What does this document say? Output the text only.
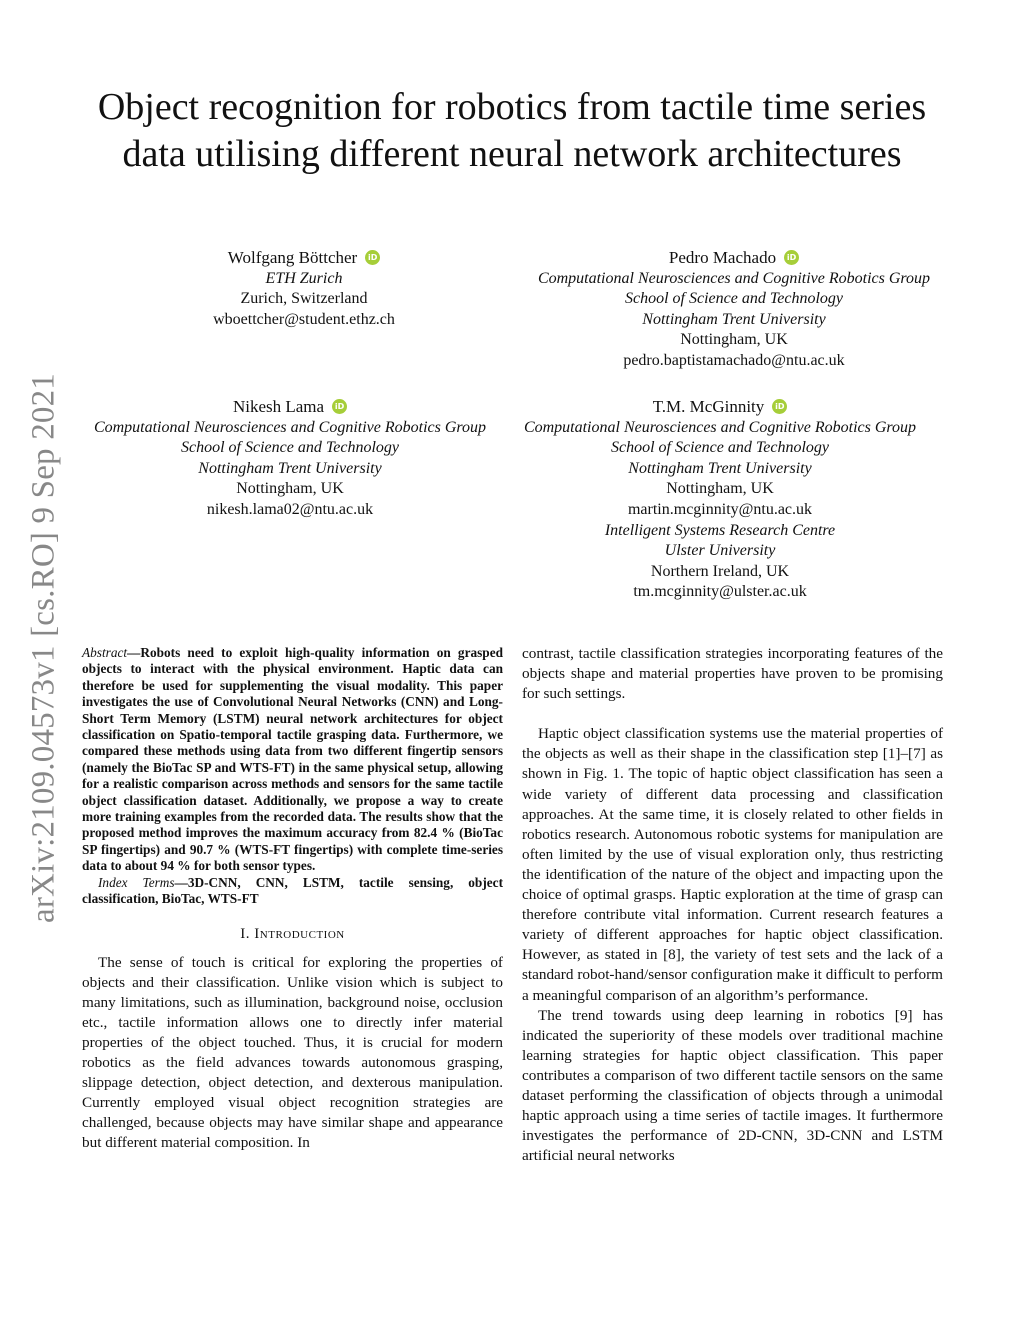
arXiv:2109.04573v1 [cs.RO] 9 Sep 2021
Object recognition for robotics from tactile time series data utilising different neural network architectures
Wolfgang Böttcher iD
ETH Zurich
Zurich, Switzerland
wboettcher@student.ethz.ch
Pedro Machado iD
Computational Neurosciences and Cognitive Robotics Group
School of Science and Technology
Nottingham Trent University
Nottingham, UK
pedro.baptistamachado@ntu.ac.uk
Nikesh Lama iD
Computational Neurosciences and Cognitive Robotics Group
School of Science and Technology
Nottingham Trent University
Nottingham, UK
nikesh.lama02@ntu.ac.uk
T.M. McGinnity iD
Computational Neurosciences and Cognitive Robotics Group
School of Science and Technology
Nottingham Trent University
Nottingham, UK
martin.mcginnity@ntu.ac.uk
Intelligent Systems Research Centre
Ulster University
Northern Ireland, UK
tm.mcginnity@ulster.ac.uk
Abstract—Robots need to exploit high-quality information on grasped objects to interact with the physical environment. Haptic data can therefore be used for supplementing the visual modality. This paper investigates the use of Convolutional Neural Networks (CNN) and Long-Short Term Memory (LSTM) neural network architectures for object classification on Spatio-temporal tactile grasping data. Furthermore, we compared these methods using data from two different fingertip sensors (namely the BioTac SP and WTS-FT) in the same physical setup, allowing for a realistic comparison across methods and sensors for the same tactile object classification dataset. Additionally, we propose a way to create more training examples from the recorded data. The results show that the proposed method improves the maximum accuracy from 82.4 % (BioTac SP fingertips) and 90.7 % (WTS-FT fingertips) with complete time-series data to about 94 % for both sensor types.
Index Terms—3D-CNN, CNN, LSTM, tactile sensing, object classification, BioTac, WTS-FT
I. Introduction

The sense of touch is critical for exploring the properties of objects and their classification. Unlike vision which is subject to many limitations, such as illumination, background noise, occlusion etc., tactile information allows one to directly infer material properties of the object touched. Thus, it is crucial for modern robotics as the field advances towards autonomous grasping, slippage detection, object detection, and dexterous manipulation. Currently employed visual object recognition strategies are challenged, because objects may have similar shape and appearance but different material composition. In

contrast, tactile classification strategies incorporating features of the objects shape and material properties have proven to be promising for such settings.

Haptic object classification systems use the material properties of the objects as well as their shape in the classification step [1]–[7] as shown in Fig. 1. The topic of haptic object classification has seen a wide variety of different data processing and classification approaches. At the same time, it is closely related to other fields in robotics research. Autonomous robotic systems for manipulation are often limited by the use of visual exploration only, thus restricting the identification of the nature of the object and impacting upon the choice of optimal grasps. Haptic exploration at the time of grasp can therefore contribute vital information. Current research features a variety of different approaches for haptic object classification. However, as stated in [8], the variety of test sets and the lack of a standard robot-hand/sensor configuration make it difficult to perform a meaningful comparison of an algorithm’s performance.

The trend towards using deep learning in robotics [9] has indicated the superiority of these models over traditional machine learning strategies for haptic object classification. This paper contributes a comparison of two different tactile sensors on the same dataset performing the classification of objects through a unimodal haptic approach using a time series of tactile images. It furthermore investigates the performance of 2D-CNN, 3D-CNN and LSTM artificial neural networks
